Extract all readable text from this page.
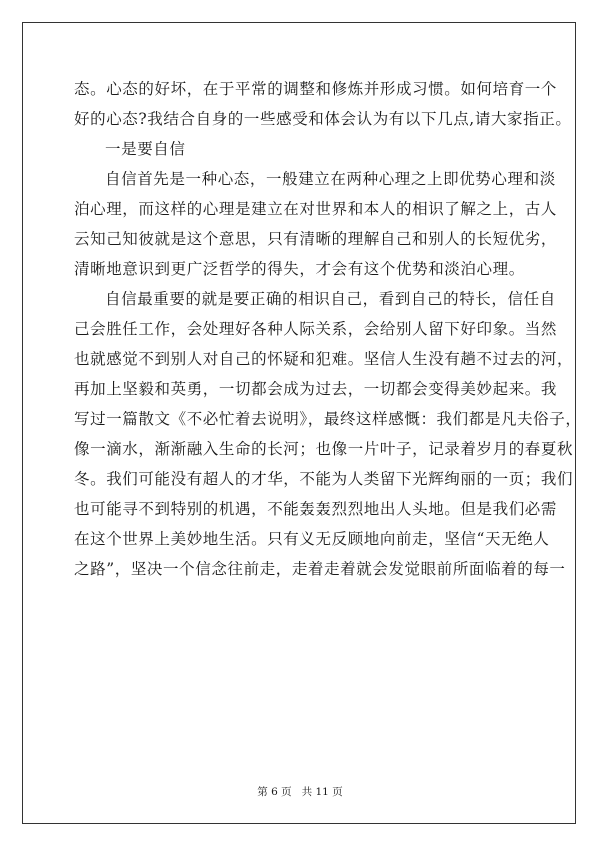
态。心态的好坏，在于平常的调整和修炼并形成习惯。如何培育一个
好的心态?我结合自身的一些感受和体会认为有以下几点,请大家指正。
一是要自信
自信首先是一种心态，一般建立在两种心理之上即优势心理和淡
泊心理，而这样的心理是建立在对世界和本人的相识了解之上，古人
云知己知彼就是这个意思，只有清晰的理解自己和别人的长短优劣，
清晰地意识到更广泛哲学的得失，才会有这个优势和淡泊心理。
自信最重要的就是要正确的相识自己，看到自己的特长，信任自
己会胜任工作，会处理好各种人际关系，会给别人留下好印象。当然
也就感觉不到别人对自己的怀疑和犯难。坚信人生没有趟不过去的河，
再加上坚毅和英勇，一切都会成为过去，一切都会变得美妙起来。我
写过一篇散文《不必忙着去说明》，最终这样感慨：我们都是凡夫俗子，
像一滴水，渐渐融入生命的长河；也像一片叶子，记录着岁月的春夏秋
冬。我们可能没有超人的才华，不能为人类留下光辉绚丽的一页；我们
也可能寻不到特别的机遇，不能轰轰烈烈地出人头地。但是我们必需
在这个世界上美妙地生活。只有义无反顾地向前走，坚信“天无绝人
之路”，坚决一个信念往前走，走着走着就会发觉眼前所面临着的每一
第 6 页 共 11 页
